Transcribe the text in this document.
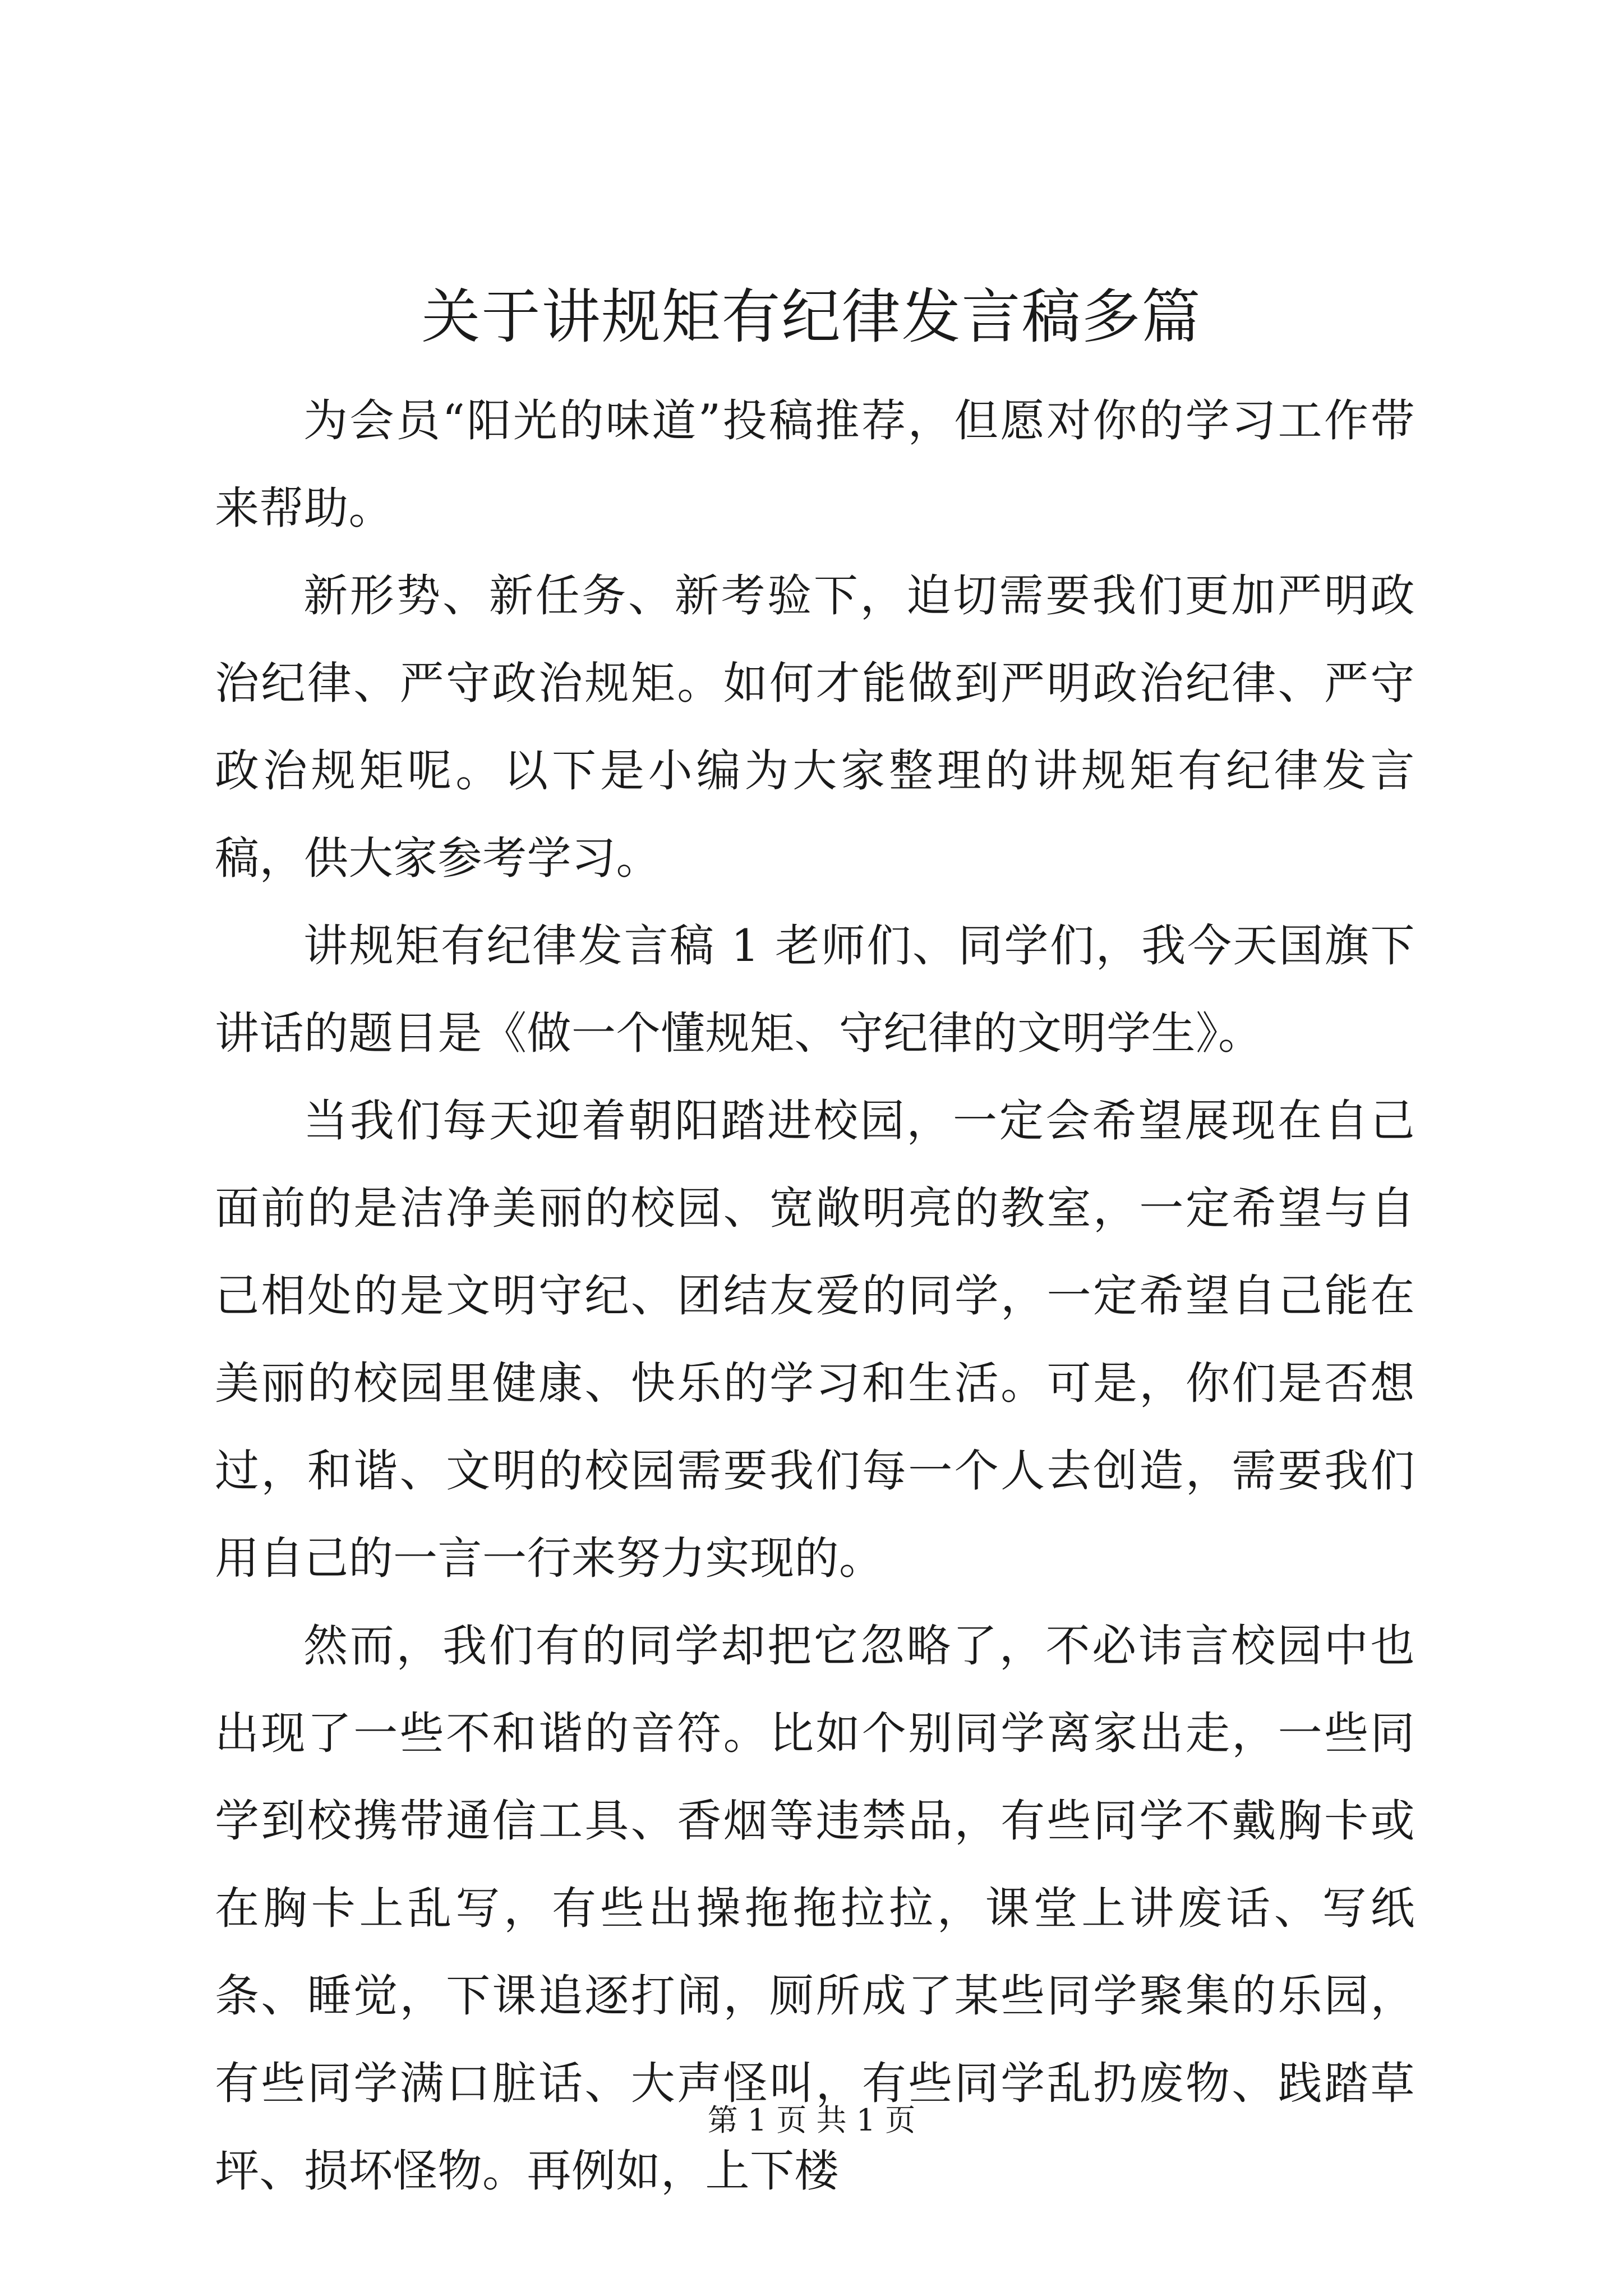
关于讲规矩有纪律发言稿多篇

为会员“阳光的味道”投稿推荐，但愿对你的学习工作带来帮助。

新形势、新任务、新考验下，迫切需要我们更加严明政治纪律、严守政治规矩。如何才能做到严明政治纪律、严守政治规矩呢。以下是小编为大家整理的讲规矩有纪律发言稿，供大家参考学习。

讲规矩有纪律发言稿 1 老师们、同学们，我今天国旗下讲话的题目是《做一个懂规矩、守纪律的文明学生》。

当我们每天迎着朝阳踏进校园，一定会希望展现在自己面前的是洁净美丽的校园、宽敞明亮的教室，一定希望与自己相处的是文明守纪、团结友爱的同学，一定希望自己能在美丽的校园里健康、快乐的学习和生活。可是，你们是否想过，和谐、文明的校园需要我们每一个人去创造，需要我们用自己的一言一行来努力实现的。

然而，我们有的同学却把它忽略了，不必讳言校园中也出现了一些不和谐的音符。比如个别同学离家出走，一些同学到校携带通信工具、香烟等违禁品，有些同学不戴胸卡或在胸卡上乱写，有些出操拖拖拉拉，课堂上讲废话、写纸条、睡觉，下课追逐打闹，厕所成了某些同学聚集的乐园，有些同学满口脏话、大声怪叫，有些同学乱扔废物、践踏草坪、损坏怪物。再例如，上下楼

第 1 页 共 1 页
